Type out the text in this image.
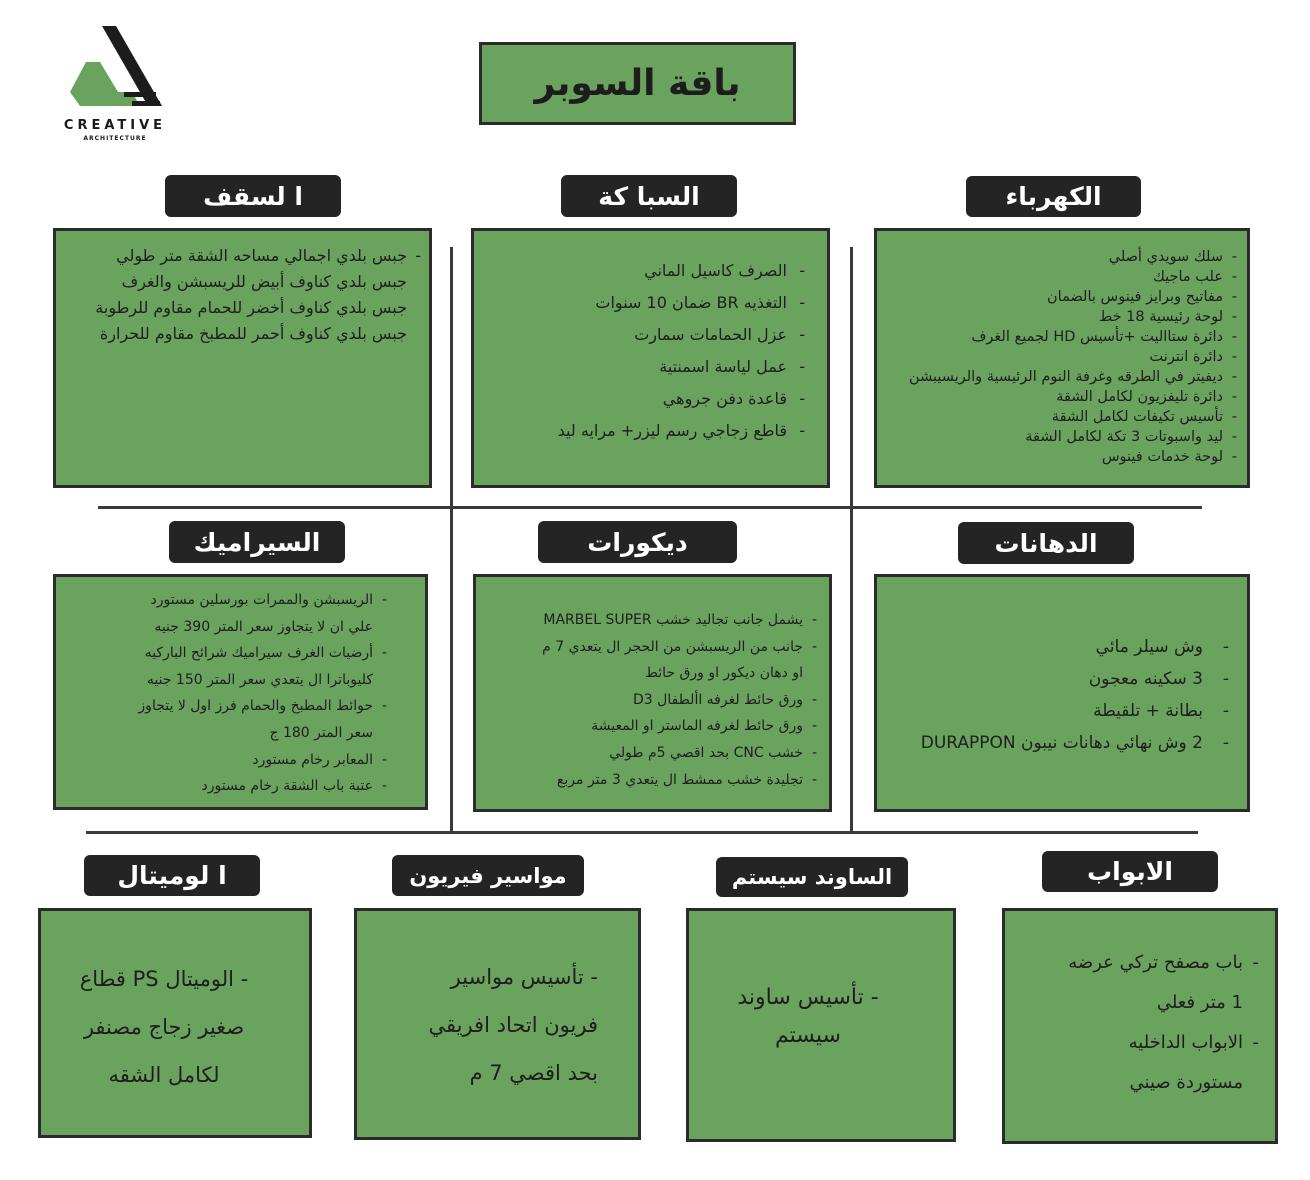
CREATIVE
ARCHITECTURE
باقة السوبر
الكهرباء
السبا كة
ا لسقف
- سلك سويدي أصلي
- علب ماجيك
- مفاتيح وبرايز فينوس بالضمان
- لوحة رئيسية 18 خط
- دائرة ستااليت +تأسيس HD لجميع الغرف
- دائرة انترنت
- ديفيتر في الطرقه وغرفة النوم الرئيسية والريسيبشن
- دائرة تليفزيون لكامل الشقة
- تأسيس تكيفات لكامل الشقة
- ليد واسبوتات 3 تكة لكامل الشقة
- لوحة خدمات فينوس
- الصرف كاسيل الماني
- التغذيه BR ضمان 10 سنوات
- عزل الحمامات سمارت
- عمل لياسة اسمنتية
- قاعدة دفن جروهي
- قاطع زجاجي رسم ليزر+ مرايه ليد
- جبس بلدي اجمالي مساحه الشقة متر طولي
جبس بلدي كناوف أبيض للريسبشن والغرف
جبس بلدي كناوف أخضر للحمام مقاوم للرطوبة
جبس بلدي كناوف أحمر للمطبخ مقاوم للحرارة
الدهانات
ديكورات
السيراميك
- وش سيلر مائي
- 3 سكينه معجون
- بطانة + تلقيطة
- 2 وش نهائي دهانات نيبون DURAPPON
- يشمل جانب تجاليد خشب MARBEL SUPER
- جانب من الريسبشن من الحجر ال يتعدي 7 م
او دهان ديكور او ورق حائط
- ورق حائط لغرفه األطفال D3
- ورق حائط لغرفه الماستر او المعيشة
- خشب CNC بحد اقصي 5م طولي
- تجليدة خشب ممشط ال يتعدي 3 متر مربع
- الريسبشن والممرات بورسلين مستورد
علي ان لا يتجاوز سعر المتر 390 جنيه
- أرضيات الغرف سيراميك شرائح الباركيه
كليوباترا ال يتعدي سعر المتر 150 جنيه
- حوائط المطبخ والحمام فرز اول لا يتجاوز
سعر المتر 180 ج
- المعابر رخام مستورد
- عتبة باب الشقة رخام مستورد
الابواب
الساوند سيستم
مواسير فيريون
ا لوميتال
- باب مصفح تركي عرضه
1 متر فعلي
- الابواب الداخليه
مستوردة صيني
- تأسيس ساوند
سيستم
- تأسيس مواسير
فريون اتحاد افريقي
بحد اقصي 7 م
- الوميتال PS قطاع
صغير زجاج مصنفر
لكامل الشقه
